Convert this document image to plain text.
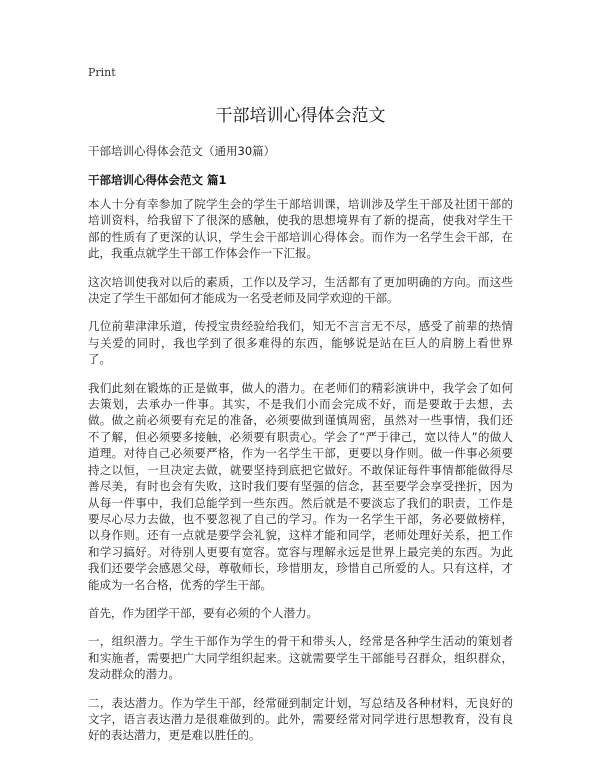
Print

干部培训心得体会范文

干部培训心得体会范文（通用30篇）

干部培训心得体会范文 篇1

本人十分有幸参加了院学生会的学生干部培训课，培训涉及学生干部及社团干部的培训资料，给我留下了很深的感触，使我的思想境界有了新的提高，使我对学生干部的性质有了更深的认识，学生会干部培训心得体会。而作为一名学生会干部，在此，我重点就学生干部工作体会作一下汇报。

这次培训使我对以后的素质，工作以及学习，生活都有了更加明确的方向。而这些决定了学生干部如何才能成为一名受老师及同学欢迎的干部。

几位前辈津津乐道，传授宝贵经验给我们，知无不言言无不尽，感受了前辈的热情与关爱的同时，我也学到了很多难得的东西，能够说是站在巨人的肩膀上看世界了。

我们此刻在锻炼的正是做事，做人的潜力。在老师们的精彩演讲中，我学会了如何去策划，去承办一件事。其实，不是我们小而会完成不好，而是要敢于去想，去做。做之前必须要有充足的准备，必须要做到谨慎周密，虽然对一些事情，我们还不了解，但必须要多接触，必须要有职责心。学会了“严于律己，宽以待人”的做人道理。对待自己必须要严格，作为一名学生干部，更要以身作则。做一件事必须要持之以恒，一旦决定去做，就要坚持到底把它做好。不敢保证每件事情都能做得尽善尽美，有时也会有失败，这时我们要有坚强的信念，甚至要学会享受挫折，因为从每一件事中，我们总能学到一些东西。然后就是不要淡忘了我们的职责，工作是要尽心尽力去做，也不要忽视了自己的学习。作为一名学生干部，务必要做榜样，以身作则。还有一点就是要学会礼貌，这样才能和同学，老师处理好关系，把工作和学习搞好。对待别人更要有宽容。宽容与理解永远是世界上最完美的东西。为此我们还要学会感恩父母，尊敬师长，珍惜朋友，珍惜自己所爱的人。只有这样，才能成为一名合格，优秀的学生干部。

首先，作为团学干部，要有必须的个人潜力。

一，组织潜力。学生干部作为学生的骨干和带头人，经常是各种学生活动的策划者和实施者，需要把广大同学组织起来。这就需要学生干部能号召群众，组织群众，发动群众的潜力。

二，表达潜力。作为学生干部，经常碰到制定计划，写总结及各种材料，无良好的文字，语言表达潜力是很难做到的。此外，需要经常对同学进行思想教育，没有良好的表达潜力，更是难以胜任的。
